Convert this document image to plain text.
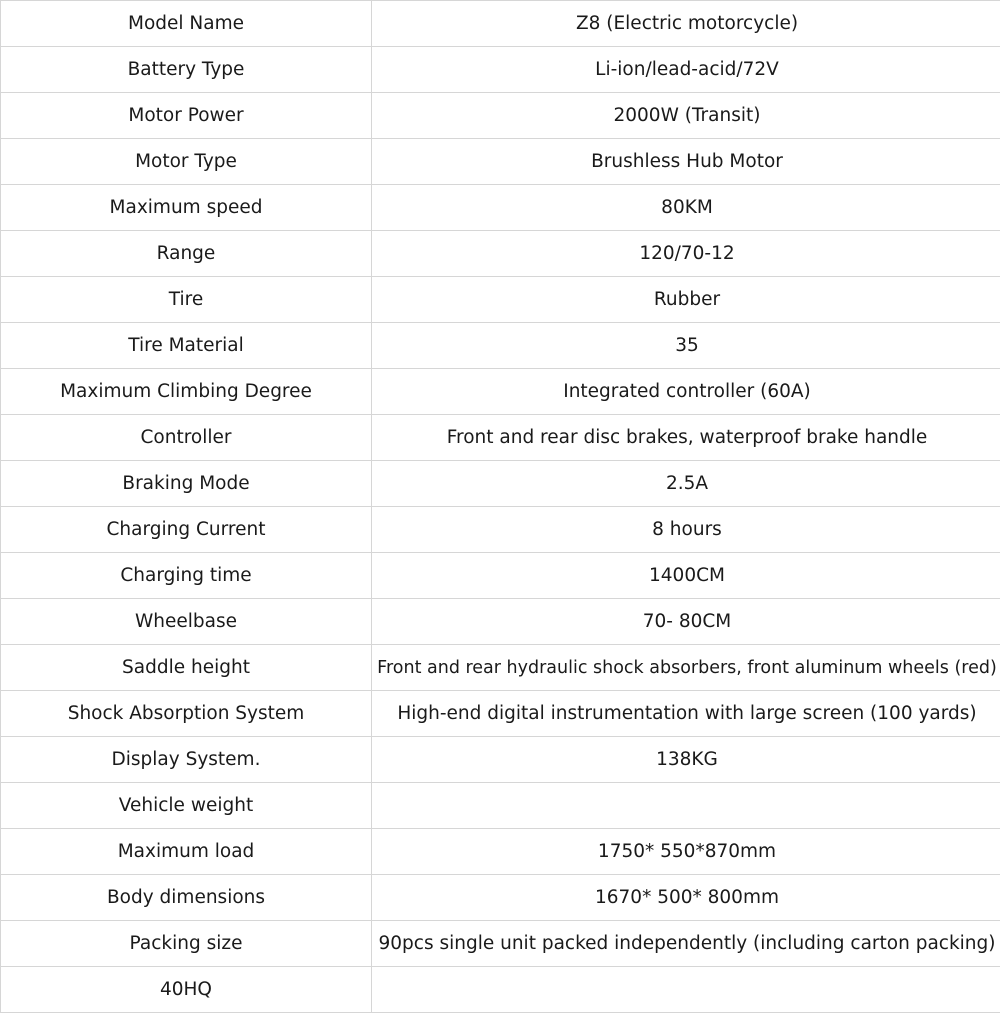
Model Name	Z8 (Electric motorcycle)
Battery Type	Li-ion/lead-acid/72V
Motor Power	2000W (Transit)
Motor Type	Brushless Hub Motor
Maximum speed	80KM
Range	120/70-12
Tire	Rubber
Tire Material	35
Maximum Climbing Degree	Integrated controller (60A)
Controller	Front and rear disc brakes, waterproof brake handle
Braking Mode	2.5A
Charging Current	8 hours
Charging time	1400CM
Wheelbase	70- 80CM
Saddle height	Front and rear hydraulic shock absorbers, front aluminum wheels (red)
Shock Absorption System	High-end digital instrumentation with large screen (100 yards)
Display System.	138KG
Vehicle weight	
Maximum load	1750* 550*870mm
Body dimensions	1670* 500* 800mm
Packing size	90pcs single unit packed independently (including carton packing)
40HQ	
